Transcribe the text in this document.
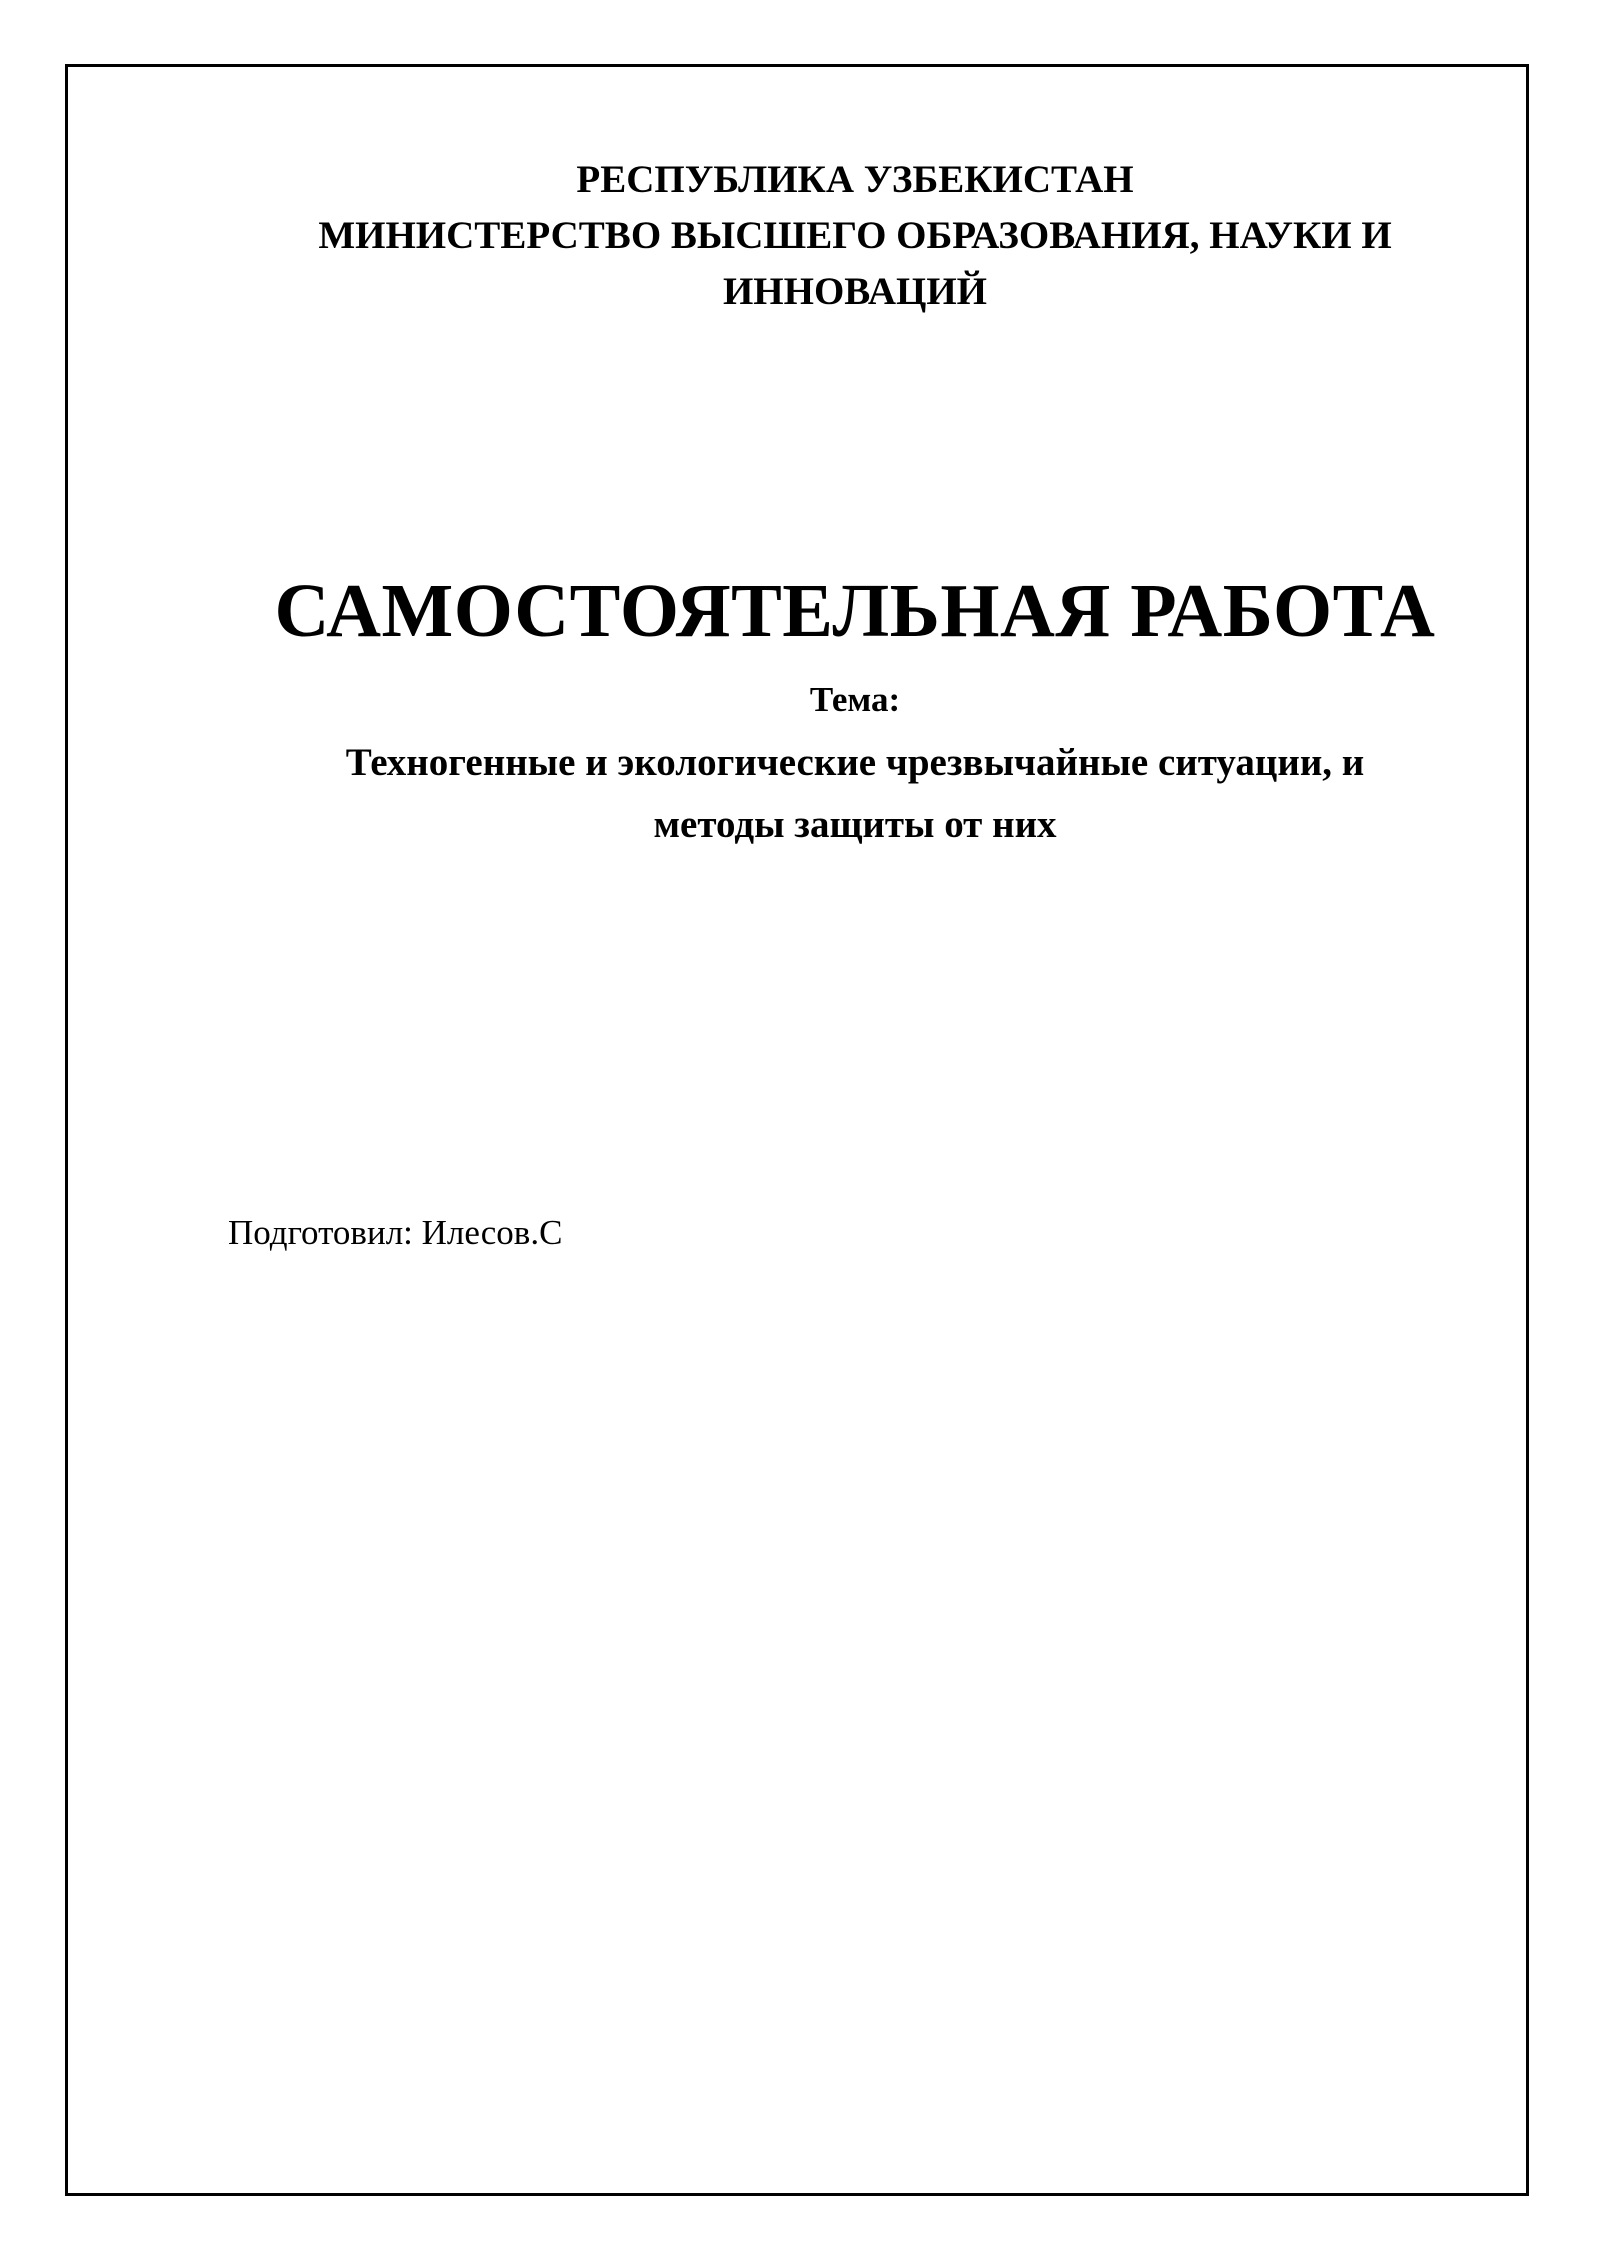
РЕСПУБЛИКА УЗБЕКИСТАН
МИНИСТЕРСТВО ВЫСШЕГО ОБРАЗОВАНИЯ, НАУКИ И
ИННОВАЦИЙ
САМОСТОЯТЕЛЬНАЯ РАБОТА
Тема:
Техногенные и экологические чрезвычайные ситуации, и
методы защиты от них
Подготовил: Илесов.С
